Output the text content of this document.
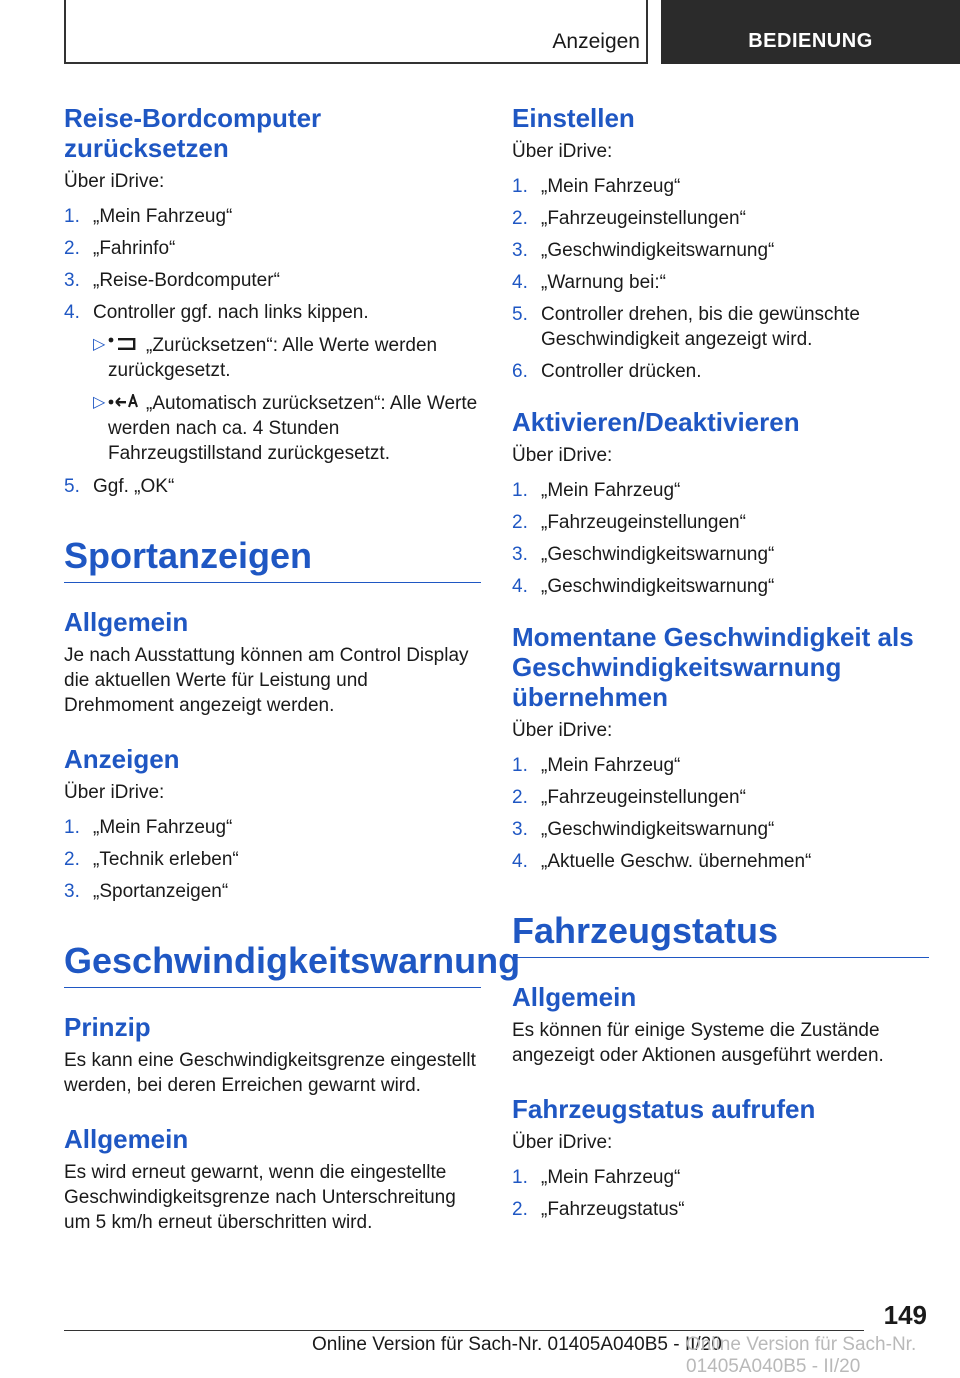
Anzeigen	BEDIENUNG
Reise-Bordcomputer zurücksetzen

Über iDrive:

1. „Mein Fahrzeug“
2. „Fahrinfo“
3. „Reise-Bordcomputer“
4. Controller ggf. nach links kippen.
▷ „Zurücksetzen“: Alle Werte werden zurückgesetzt.
▷ „Automatisch zurücksetzen“: Alle Werte werden nach ca. 4 Stunden Fahrzeugstillstand zurückgesetzt.
5. Ggf. „OK“
Sportanzeigen
Allgemein

Je nach Ausstattung können am Control Display die aktuellen Werte für Leistung und Drehmoment angezeigt werden.

Anzeigen

Über iDrive:

1. „Mein Fahrzeug“
2. „Technik erleben“
3. „Sportanzeigen“
Geschwindigkeitswarnung
Prinzip

Es kann eine Geschwindigkeitsgrenze eingestellt werden, bei deren Erreichen gewarnt wird.

Allgemein

Es wird erneut gewarnt, wenn die eingestellte Geschwindigkeitsgrenze nach Unterschreitung um 5 km/h erneut überschritten wird.

Einstellen

Über iDrive:

1. „Mein Fahrzeug“
2. „Fahrzeugeinstellungen“
3. „Geschwindigkeitswarnung“
4. „Warnung bei:“
5. Controller drehen, bis die gewünschte Geschwindigkeit angezeigt wird.
6. Controller drücken.
Aktivieren/Deaktivieren

Über iDrive:

1. „Mein Fahrzeug“
2. „Fahrzeugeinstellungen“
3. „Geschwindigkeitswarnung“
4. „Geschwindigkeitswarnung“
Momentane Geschwindigkeit als Geschwindigkeitswarnung übernehmen

Über iDrive:

1. „Mein Fahrzeug“
2. „Fahrzeugeinstellungen“
3. „Geschwindigkeitswarnung“
4. „Aktuelle Geschw. übernehmen“
Fahrzeugstatus
Allgemein

Es können für einige Systeme die Zustände angezeigt oder Aktionen ausgeführt werden.

Fahrzeugstatus aufrufen

Über iDrive:

1. „Mein Fahrzeug“
2. „Fahrzeugstatus“
149
Online Version für Sach-Nr. 01405A040B5 - II/20
Online Version für Sach-Nr. 01405A040B5 - II/20
